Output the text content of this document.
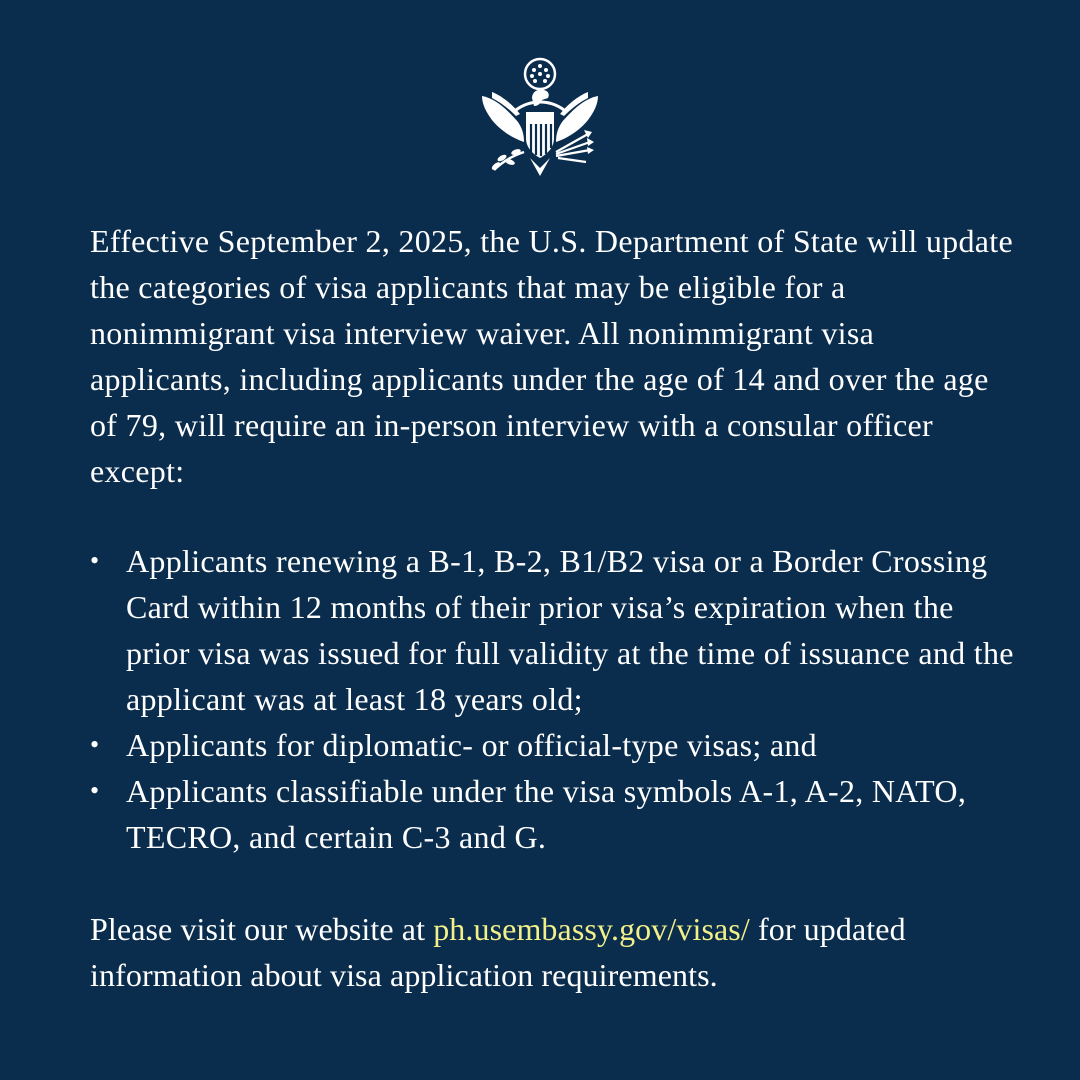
Effective September 2, 2025, the U.S. Department of State will update the categories of visa applicants that may be eligible for a nonimmigrant visa interview waiver. All nonimmigrant visa applicants, including applicants under the age of 14 and over the age of 79, will require an in-person interview with a consular officer except:

• Applicants renewing a B-1, B-2, B1/B2 visa or a Border Crossing Card within 12 months of their prior visa’s expiration when the prior visa was issued for full validity at the time of issuance and the applicant was at least 18 years old;
• Applicants for diplomatic- or official-type visas; and
• Applicants classifiable under the visa symbols A-1, A-2, NATO, TECRO, and certain C-3 and G.

Please visit our website at ph.usembassy.gov/visas/ for updated information about visa application requirements.
